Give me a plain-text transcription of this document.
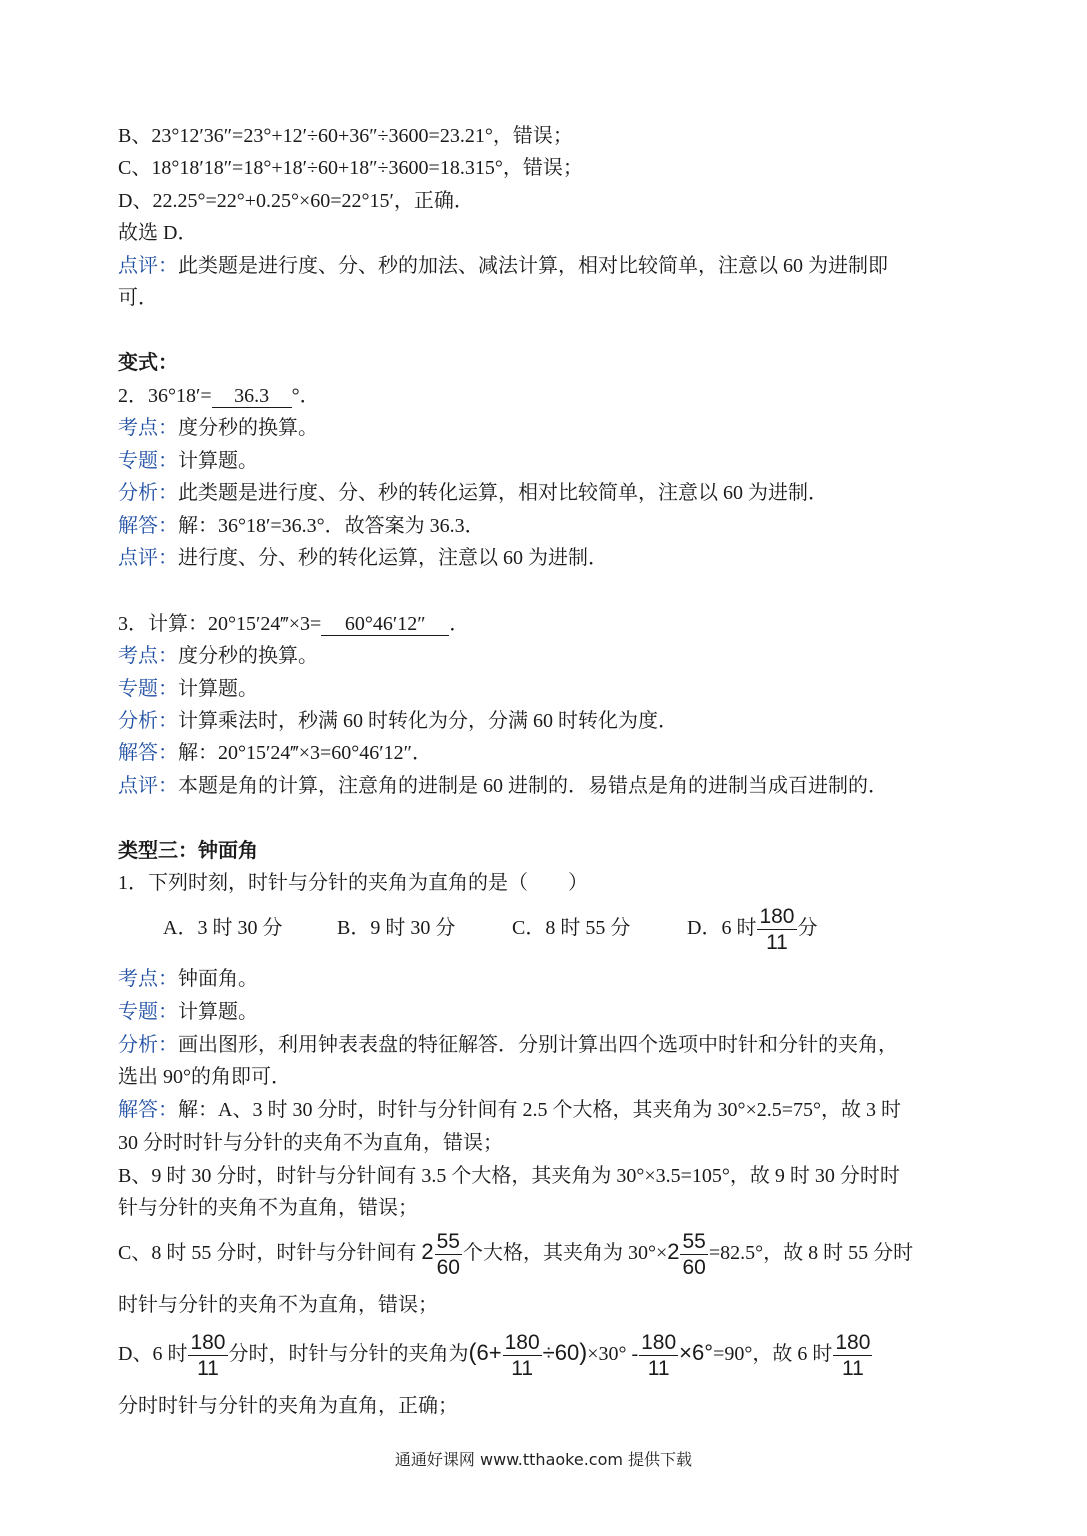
B、23°12′36″=23°+12′÷60+36″÷3600=23.21°，错误；
C、18°18′18″=18°+18′÷60+18″÷3600=18.315°，错误；
D、22.25°=22°+0.25°×60=22°15′，正确．
故选 D．
点评：此类题是进行度、分、秒的加法、减法计算，相对比较简单，注意以 60 为进制即
可．
变式：
2．36°18′= 36.3 °．
考点：度分秒的换算。
专题：计算题。
分析：此类题是进行度、分、秒的转化运算，相对比较简单，注意以 60 为进制．
解答：解：36°18′=36.3°．故答案为 36.3．
点评：进行度、分、秒的转化运算，注意以 60 为进制．
3．计算：20°15′24‴×3= 60°46′12″ ．
考点：度分秒的换算。
专题：计算题。
分析：计算乘法时，秒满 60 时转化为分，分满 60 时转化为度．
解答：解：20°15′24‴×3=60°46′12″．
点评：本题是角的计算，注意角的进制是 60 进制的．易错点是角的进制当成百进制的．
类型三：钟面角
1．下列时刻，时针与分针的夹角为直角的是（　　）
A．3 时 30 分	B．9 时 30 分	C．8 时 55 分	D．6 时 $\frac{180}{11}$ 分
考点：钟面角。
专题：计算题。
分析：画出图形，利用钟表表盘的特征解答．分别计算出四个选项中时针和分针的夹角，
选出 90°的角即可．
解答：解：A、3 时 30 分时，时针与分针间有 2.5 个大格，其夹角为 30°×2.5=75°，故 3 时
30 分时时针与分针的夹角不为直角，错误；
B、9 时 30 分时，时针与分针间有 3.5 个大格，其夹角为 30°×3.5=105°，故 9 时 30 分时时
针与分针的夹角不为直角，错误；
C、8 时 55 分时，时针与分针间有 $2 \frac{55}{60}$ 个大格，其夹角为 $30^\circ\times 2 \frac{55}{60} =82.5^\circ$，故 8 时 55 分时
时针与分针的夹角不为直角，错误；
D、6 时 $\frac{180}{11}$ 分时，时针与分针的夹角为$(6+ \frac{180}{11} \div 60)\times 30^\circ - \frac{180}{11} \times 6^\circ=90^\circ$，故 6 时 $\frac{180}{11}$
分时时针与分针的夹角为直角，正确；
通通好课网 www.tthaoke.com 提供下载
